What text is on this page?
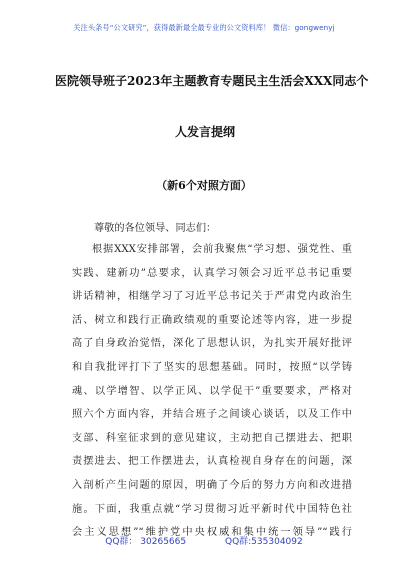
关注头条号“公文研究”，获得最新最全最专业的公文资料库！ 微信：gongwenyj
医院领导班子2023年主题教育专题民主生活会XXX同志个
人发言提纲
（新6个对照方面）
尊敬的各位领导、同志们：
根据XXX安排部署，会前我聚焦“学习想、强党性、重
实践、建新功”总要求，认真学习领会习近平总书记重要
讲话精神，相继学习了习近平总书记关于严肃党内政治生
活、树立和践行正确政绩观的重要论述等内容，进一步提
高了自身政治觉悟，深化了思想认识，为扎实开展好批评
和自我批评打下了坚实的思想基础。同时，按照“以学铸
魂、以学增智、以学正风、以学促干”重要要求，严格对
照六个方面内容，并结合班子之间谈心谈话，以及工作中
支部、科室征求到的意见建议，主动把自己摆进去、把职
责摆进去、把工作摆进去，认真检视自身存在的问题，深
入剖析产生问题的原因，明确了今后的努力方向和改进措
施。下面，我重点就“学习贯彻习近平新时代中国特色社
会主义思想”“维护党中央权威和集中统一领导”“践行
QQ群： 30265665	QQ群:535304092
